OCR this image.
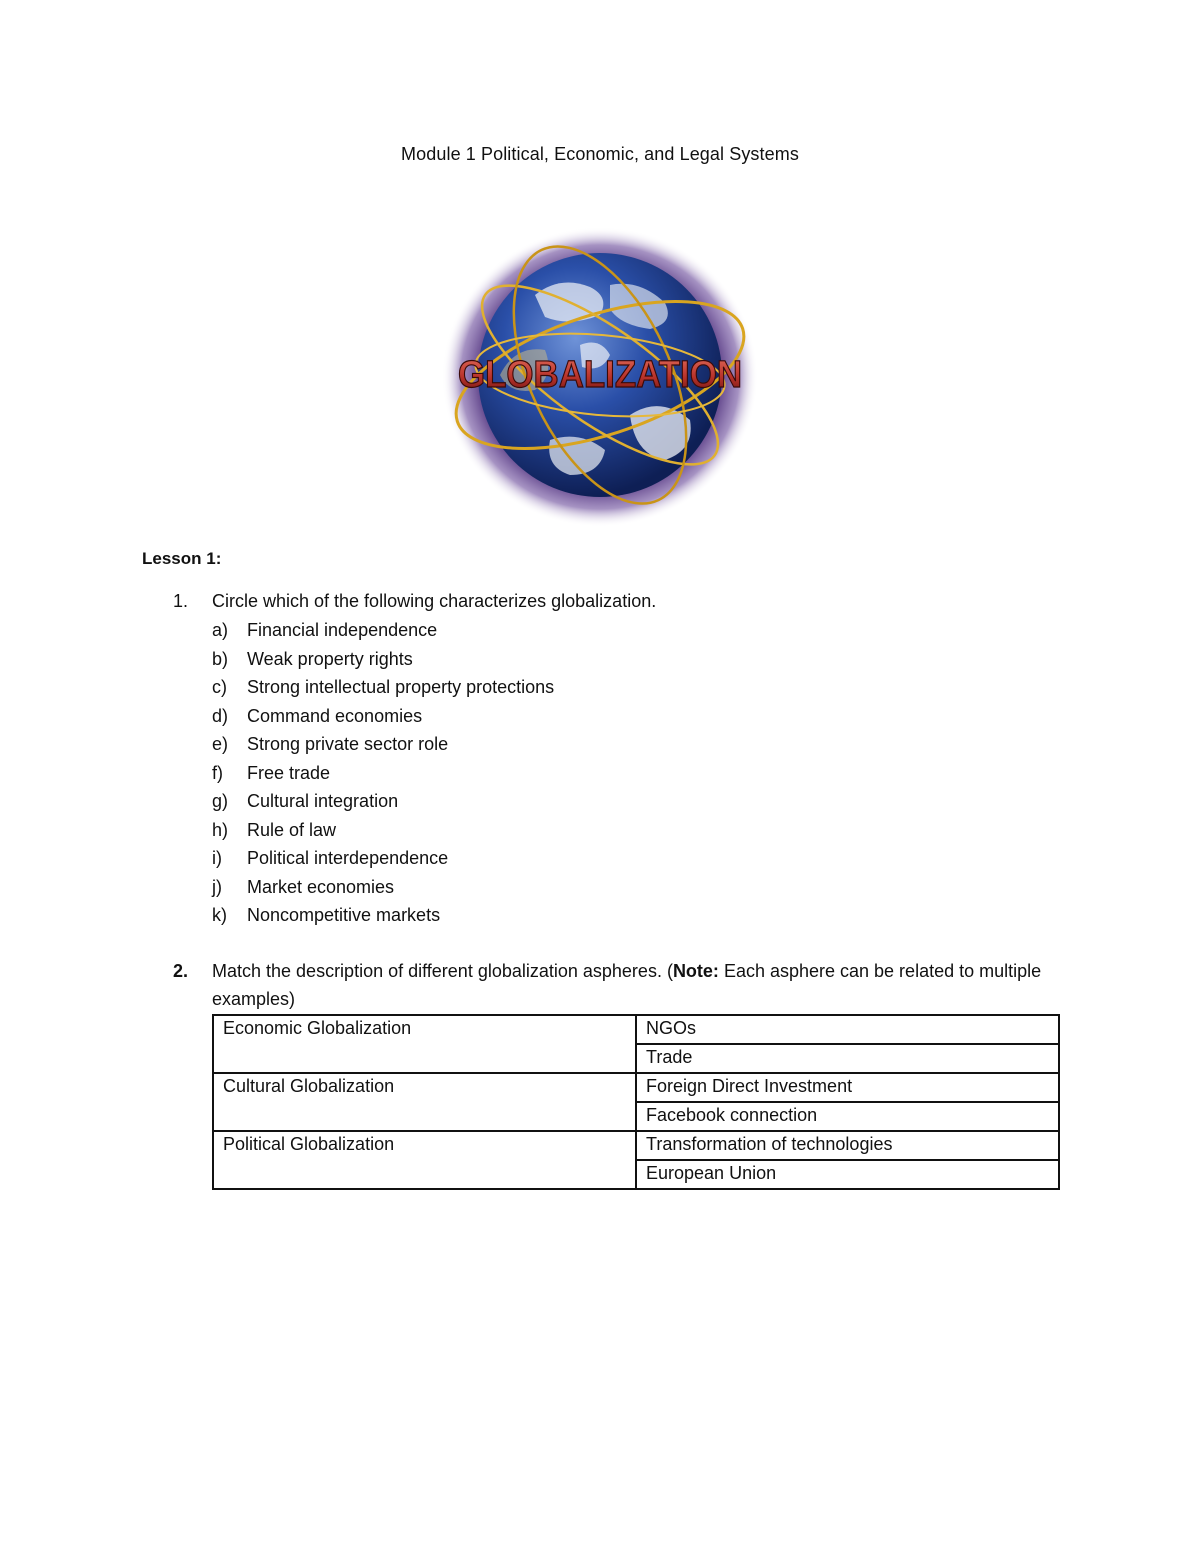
Module 1 Political, Economic, and Legal Systems
GLOBALIZATION
Lesson 1:
1.	Circle which of the following characterizes globalization.
a)	Financial independence
b)	Weak property rights
c)	Strong intellectual property protections
d)	Command economies
e)	Strong private sector role
f)	Free trade
g)	Cultural integration
h)	Rule of law
i)	Political interdependence
j)	Market economies
k)	Noncompetitive markets
2.	Match the description of different globalization aspheres. (Note: Each asphere can be related to multiple examples)
Economic Globalization	NGOs
	Trade
Cultural Globalization	Foreign Direct Investment
	Facebook connection
Political Globalization	Transformation of technologies
	European Union
